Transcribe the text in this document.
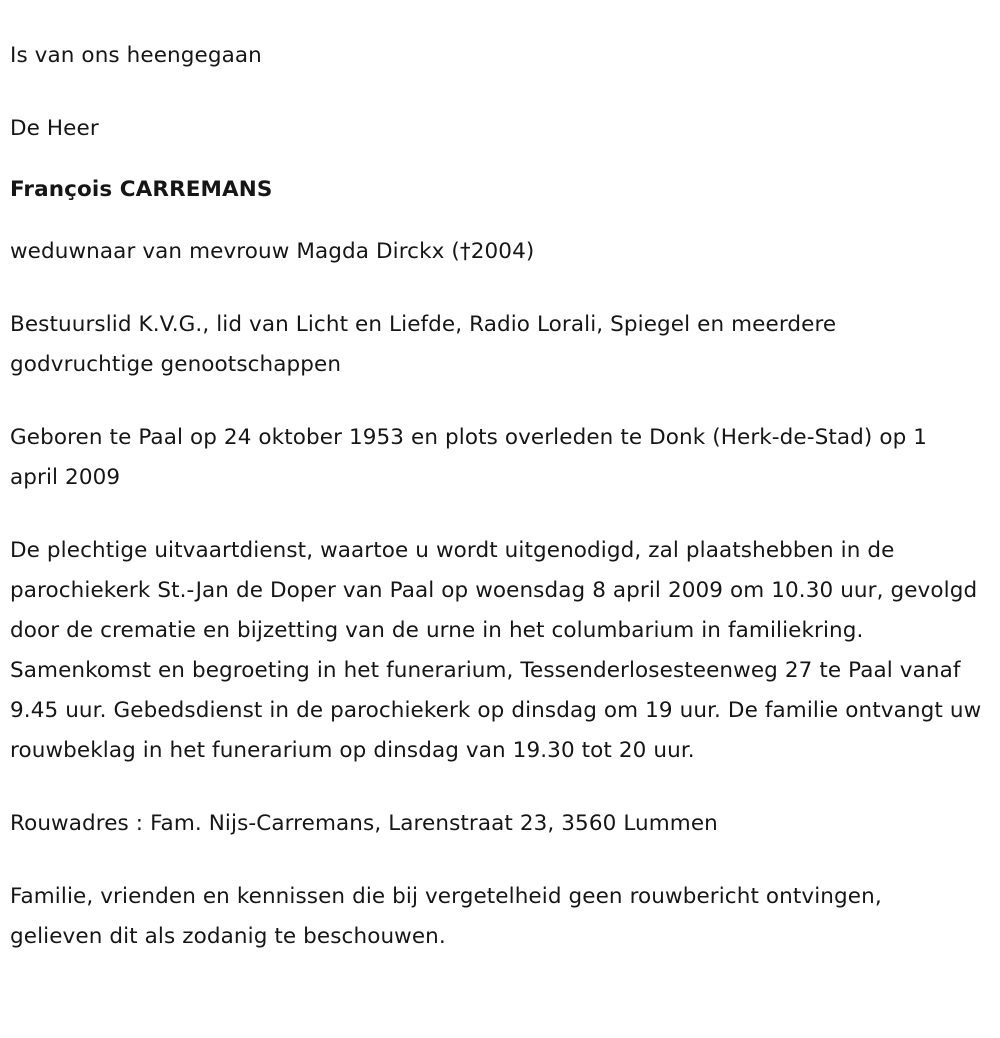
Is van ons heengegaan

De Heer

François CARREMANS

weduwnaar van mevrouw Magda Dirckx (†2004)

Bestuurslid K.V.G., lid van Licht en Liefde, Radio Lorali, Spiegel en meerdere godvruchtige genootschappen

Geboren te Paal op 24 oktober 1953 en plots overleden te Donk (Herk-de-Stad) op 1 april 2009

De plechtige uitvaartdienst, waartoe u wordt uitgenodigd, zal plaatshebben in de parochiekerk St.-Jan de Doper van Paal op woensdag 8 april 2009 om 10.30 uur, gevolgd door de crematie en bijzetting van de urne in het columbarium in familiekring. Samenkomst en begroeting in het funerarium, Tessenderlosesteenweg 27 te Paal vanaf 9.45 uur. Gebedsdienst in de parochiekerk op dinsdag om 19 uur. De familie ontvangt uw rouwbeklag in het funerarium op dinsdag van 19.30 tot 20 uur.

Rouwadres : Fam. Nijs-Carremans, Larenstraat 23, 3560 Lummen

Familie, vrienden en kennissen die bij vergetelheid geen rouwbericht ontvingen, gelieven dit als zodanig te beschouwen.
